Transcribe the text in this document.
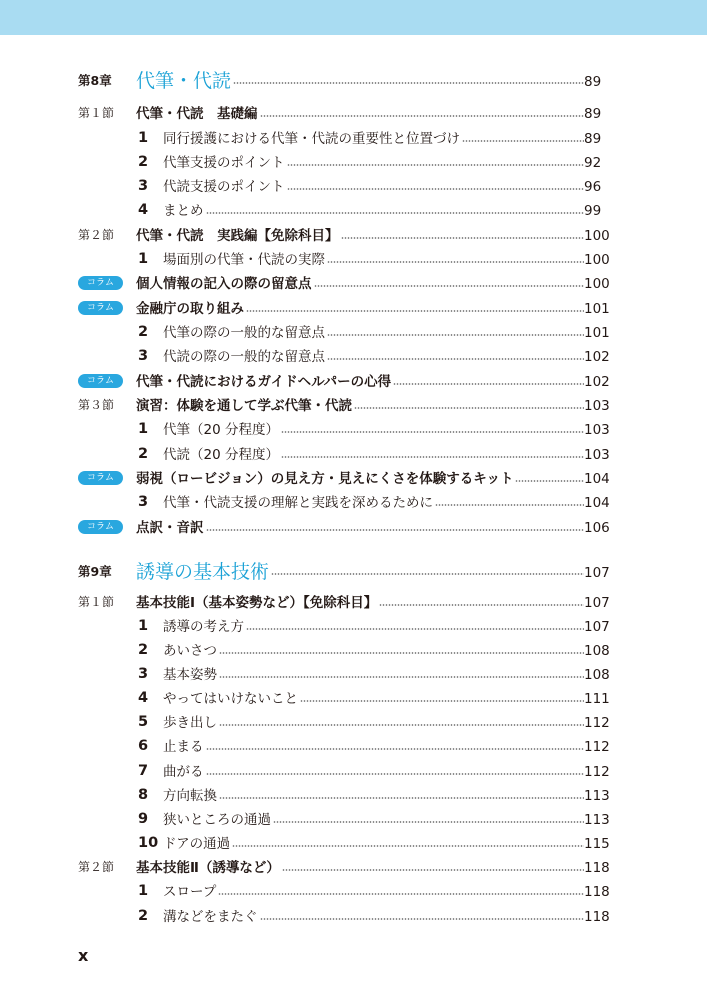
第8章 代筆・代読	89
第１節 代筆・代読　基礎編	89
1	同行援護における代筆・代読の重要性と位置づけ	89
2	代筆支援のポイント	92
3	代読支援のポイント	96
4	まとめ	99
第２節 代筆・代読　実践編【免除科目】	100
1	場面別の代筆・代読の実際	100
コラム	個人情報の記入の際の留意点	100
コラム	金融庁の取り組み	101
2	代筆の際の一般的な留意点	101
3	代読の際の一般的な留意点	102
コラム	代筆・代読におけるガイドヘルパーの心得	102
第３節 演習：体験を通して学ぶ代筆・代読	103
1	代筆（20 分程度）	103
2	代読（20 分程度）	103
コラム	弱視（ロービジョン）の見え方・見えにくさを体験するキット	104
3	代筆・代読支援の理解と実践を深めるために	104
コラム	点訳・音訳	106
第9章 誘導の基本技術	107
第１節 基本技能Ⅰ（基本姿勢など）【免除科目】	107
1	誘導の考え方	107
2	あいさつ	108
3	基本姿勢	108
4	やってはいけないこと	111
5	歩き出し	112
6	止まる	112
7	曲がる	112
8	方向転換	113
9	狭いところの通過	113
10 ドアの通過	115
第２節 基本技能Ⅱ（誘導など）	118
1	スロープ	118
2	溝などをまたぐ	118
x
